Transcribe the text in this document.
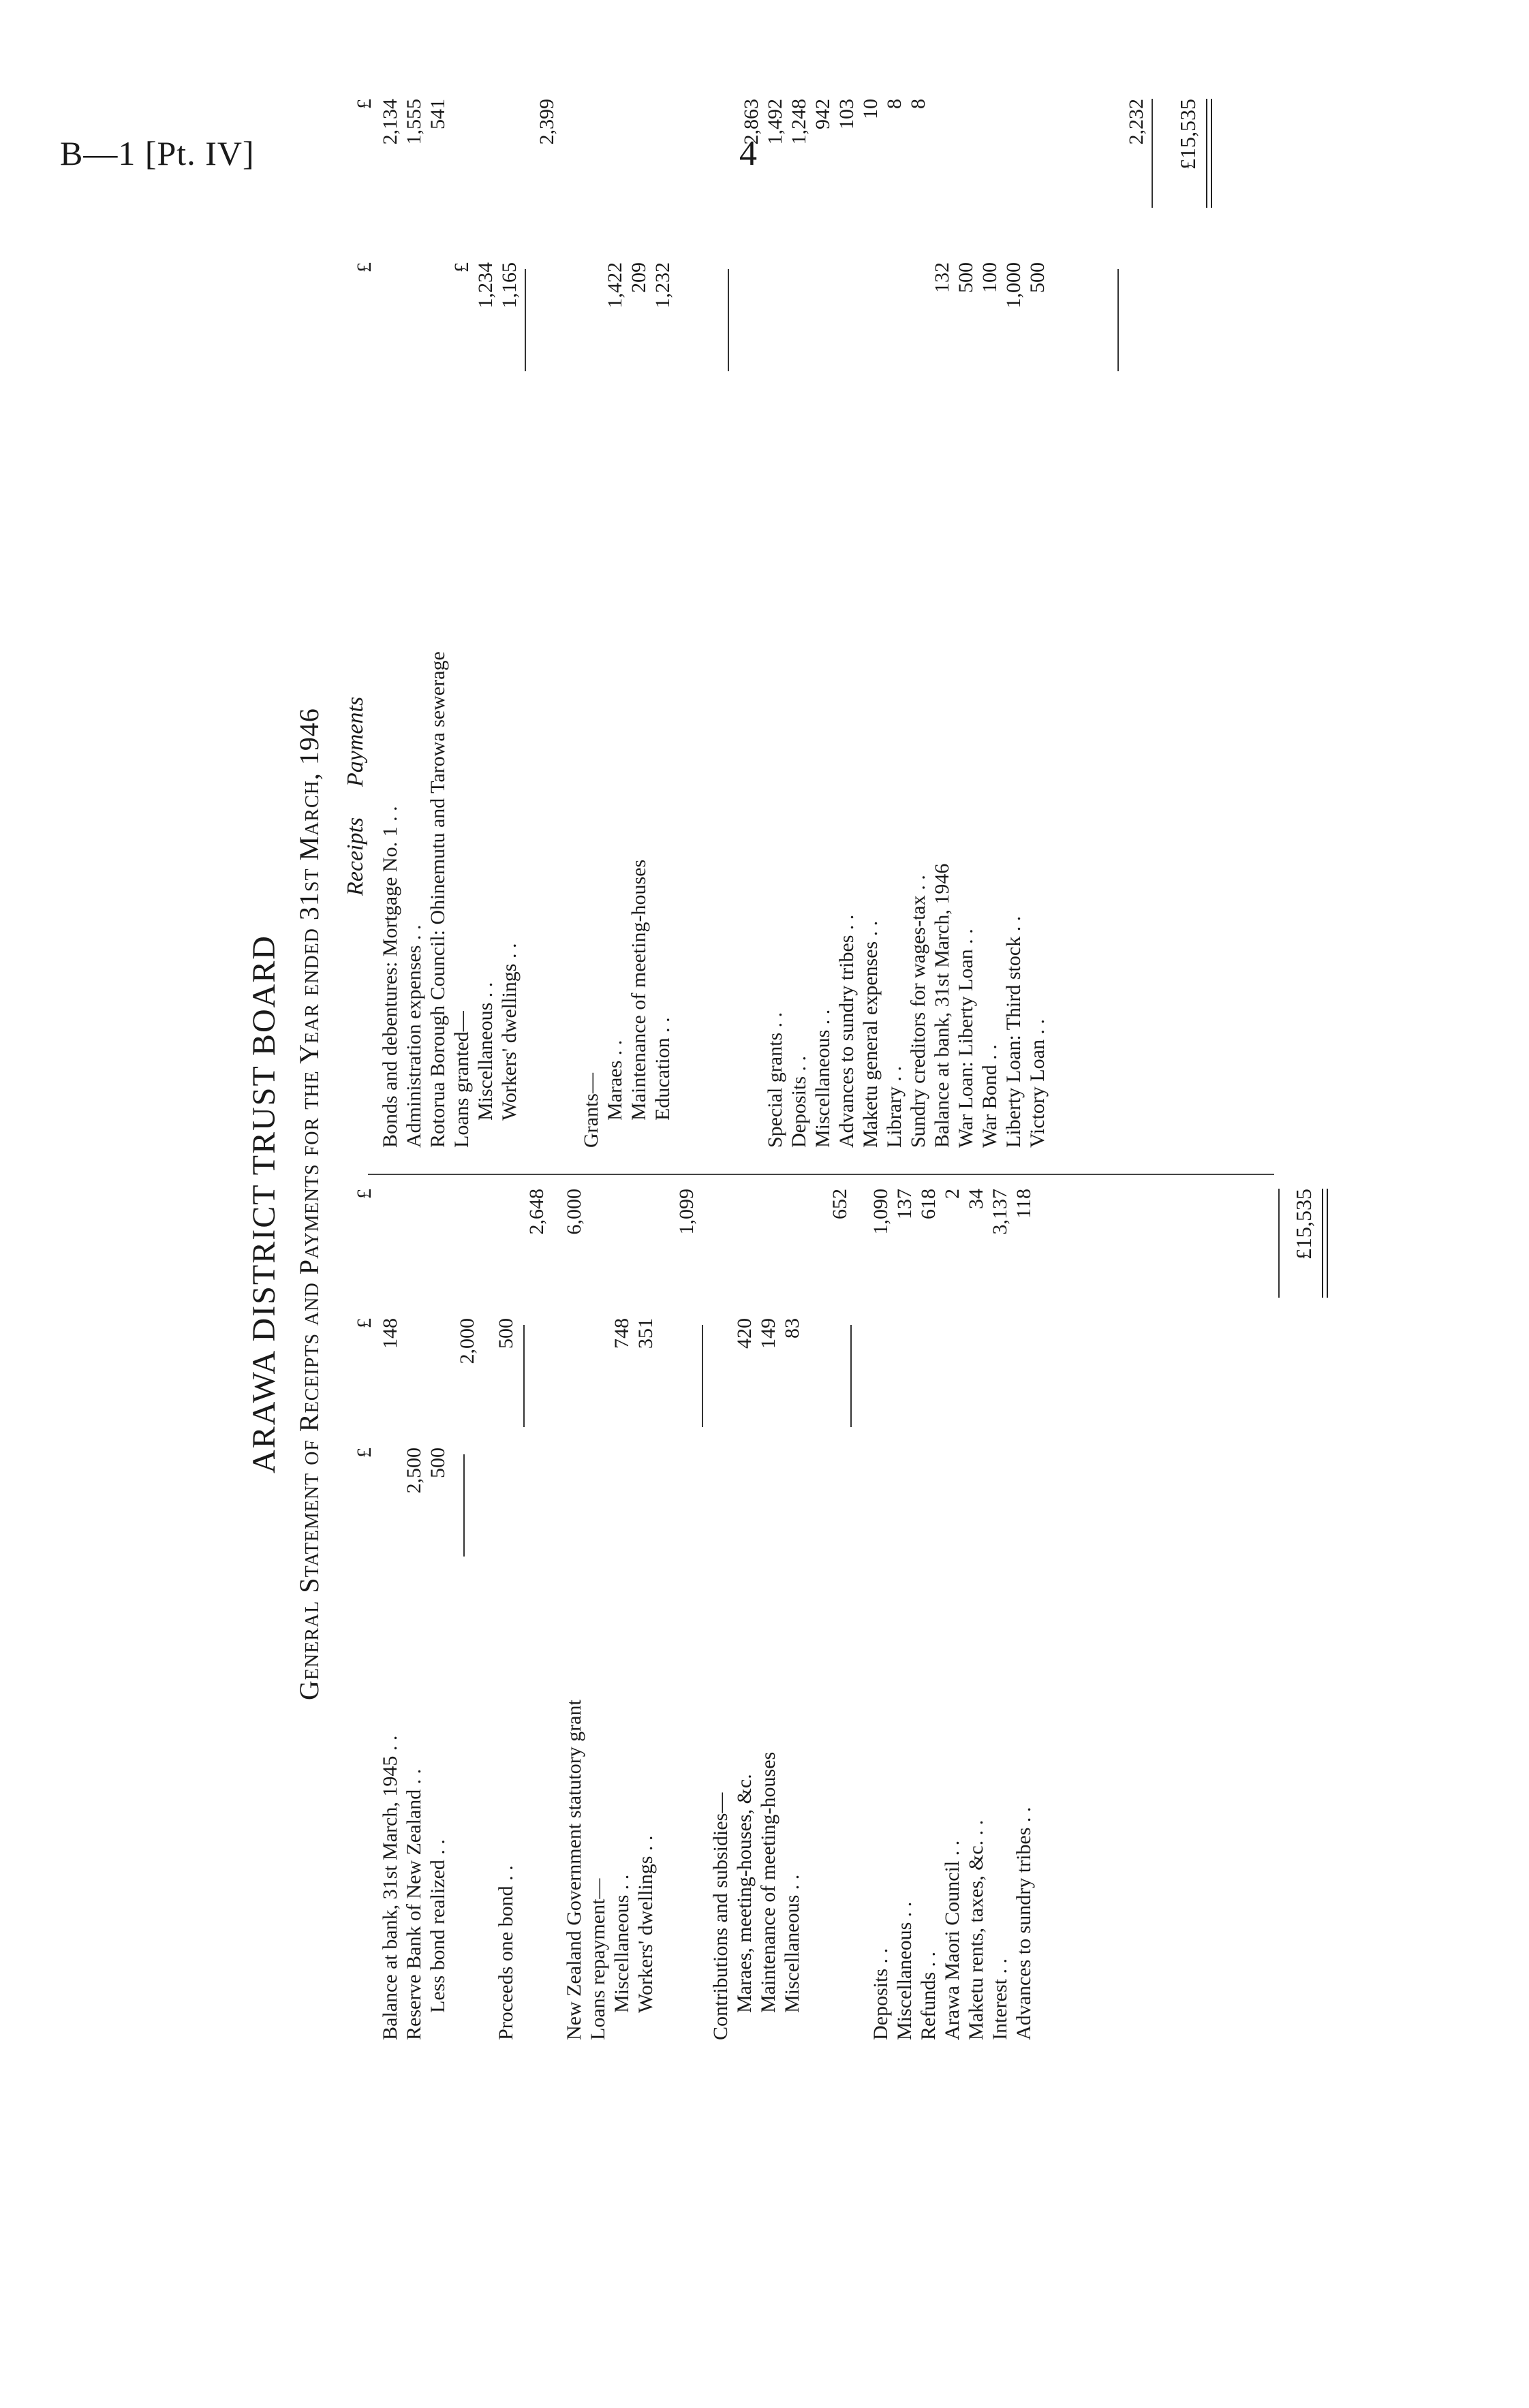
B—1 [Pt. IV]	4
ARAWA DISTRICT TRUST BOARD General Statement of Receipts and Payments for the Year ended 31st March, 1946 Receipts
£
£
£
Balance at bank, 31st March, 1945 . .
148
Reserve Bank of New Zealand . .
2,500
Less bond realized . .
500
2,000
Proceeds one bond . .
500
2,648
New Zealand Government statutory grant
6,000
Loans repayment— Miscellaneous . .
748
Workers' dwellings . .
351
1,099
Contributions and subsidies— Maraes, meeting-houses, &c.
420
Maintenance of meeting-houses
149
Miscellaneous . .
83
652
Deposits . .
1,090
Miscellaneous . .
137
Refunds . .
618
Arawa Maori Council . .
2
Maketu rents, taxes, &c. . .
34
Interest . .
3,137
Advances to sundry tribes . .
118	£15,535
Payments
£
£
Bonds and debentures: Mortgage No. 1 . .
2,134
Administration expenses . .
1,555
Rotorua Borough Council: Ohinemutu and Tarowa sewerage
541
Loans granted—
£
Miscellaneous . .
1,234
Workers' dwellings . .
1,165
2,399
Grants— Maraes . .
1,422
Maintenance of meeting-houses
209
Education . .
1,232
2,863
Special grants . .
1,492
Deposits . .
1,248
Miscellaneous . .
942
Advances to sundry tribes . .
103
Maketu general expenses . .
10
Library . .
8
Sundry creditors for wages-tax . .
8
Balance at bank, 31st March, 1946
132
War Loan: Liberty Loan . .
500
War Bond . .
100
Liberty Loan: Third stock . .
1,000
Victory Loan . .
500
2,232 £15,535
